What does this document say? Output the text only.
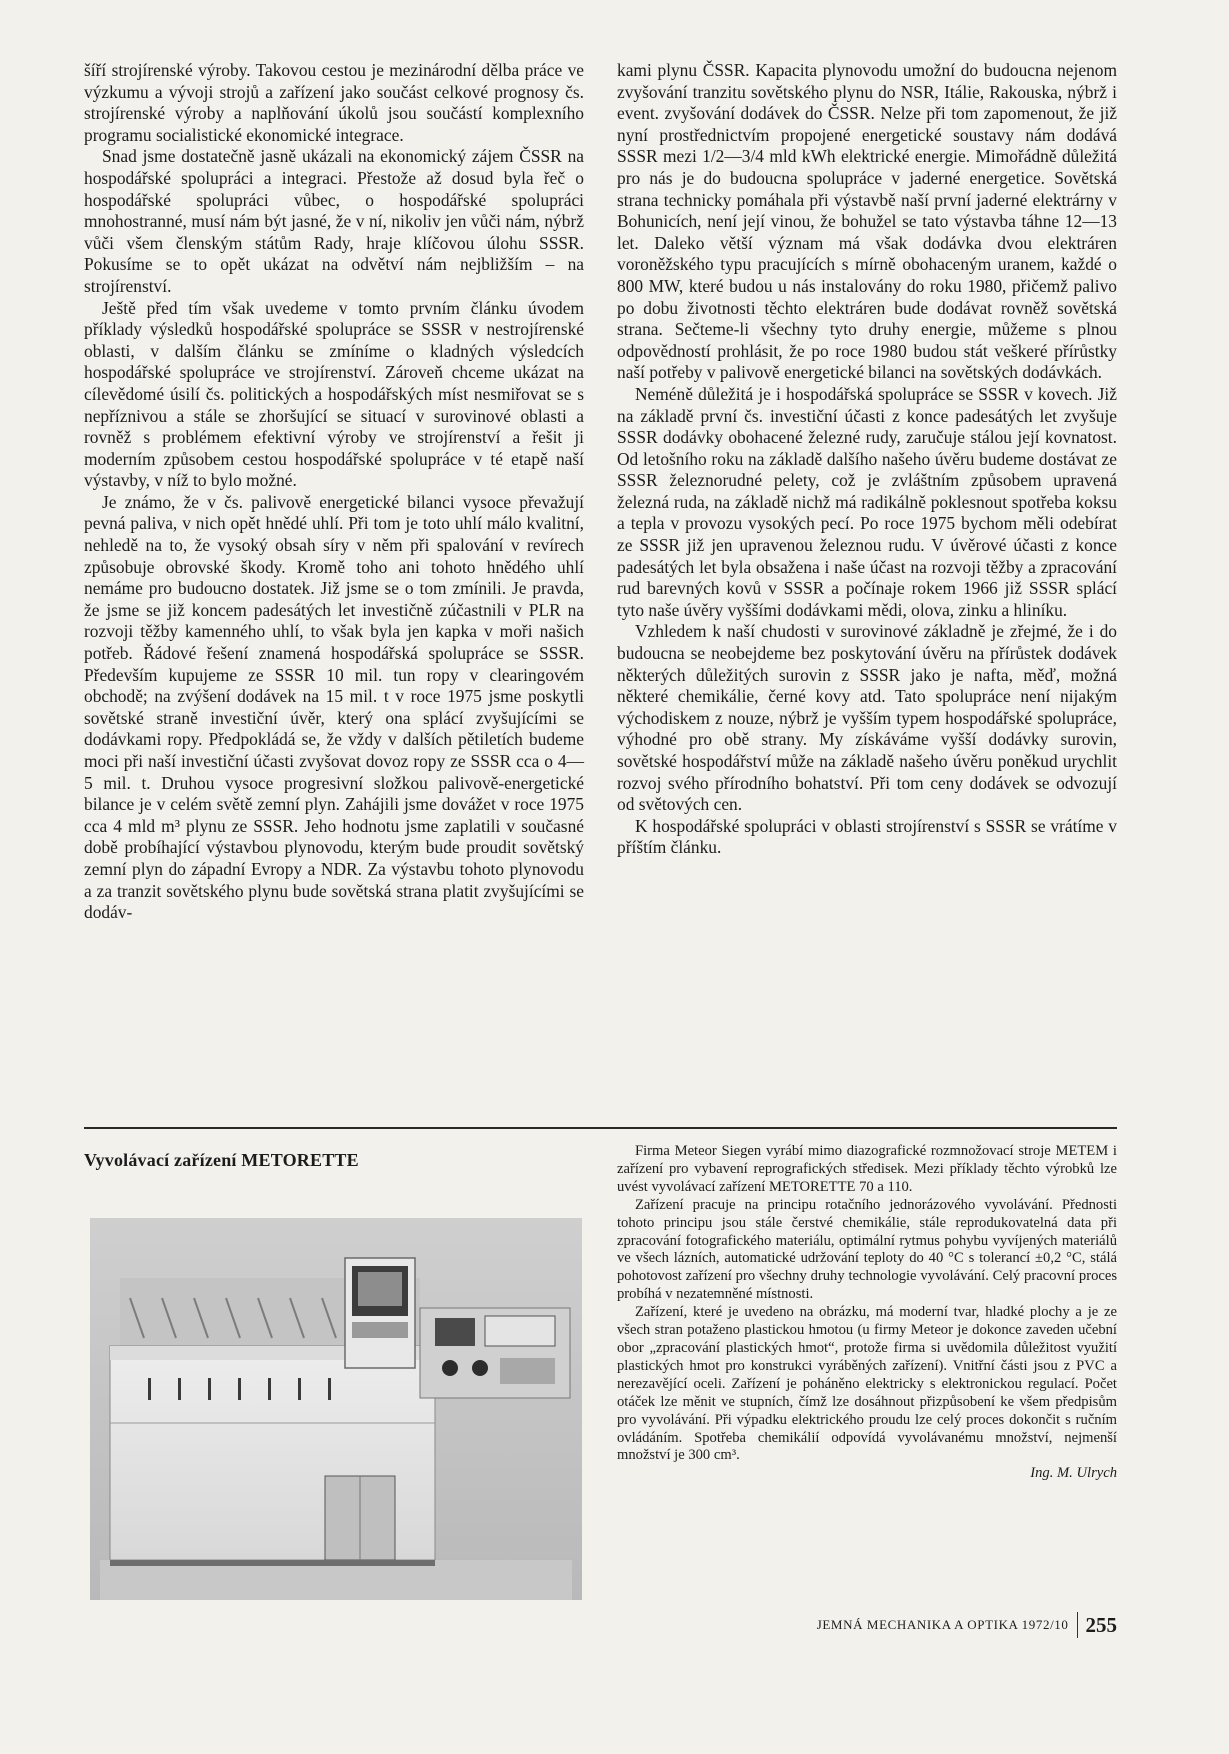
šíří strojírenské výroby. Takovou cestou je mezinárodní dělba práce ve výzkumu a vývoji strojů a zařízení jako součást celkové prognosy čs. strojírenské výroby a naplňování úkolů jsou součástí komplexního programu socialistické ekonomické integrace.

Snad jsme dostatečně jasně ukázali na ekonomický zájem ČSSR na hospodářské spolupráci a integraci. Přestože až dosud byla řeč o hospodářské spolupráci vůbec, o hospodářské spolupráci mnohostranné, musí nám být jasné, že v ní, nikoliv jen vůči nám, nýbrž vůči všem členským státům Rady, hraje klíčovou úlohu SSSR. Pokusíme se to opět ukázat na odvětví nám nejbližším – na strojírenství.

Ještě před tím však uvedeme v tomto prvním článku úvodem příklady výsledků hospodářské spolupráce se SSSR v nestrojírenské oblasti, v dalším článku se zmíníme o kladných výsledcích hospodářské spolupráce ve strojírenství. Zároveň chceme ukázat na cílevědomé úsilí čs. politických a hospodářských míst nesmiřovat se s nepříznivou a stále se zhoršující se situací v surovinové oblasti a rovněž s problémem efektivní výroby ve strojírenství a řešit ji moderním způsobem cestou hospodářské spolupráce v té etapě naší výstavby, v níž to bylo možné.

Je známo, že v čs. palivově energetické bilanci vysoce převažují pevná paliva, v nich opět hnědé uhlí. Při tom je toto uhlí málo kvalitní, nehledě na to, že vysoký obsah síry v něm při spalování v revírech způsobuje obrovské škody. Kromě toho ani tohoto hnědého uhlí nemáme pro budoucno dostatek. Již jsme se o tom zmínili. Je pravda, že jsme se již koncem padesátých let investičně zúčastnili v PLR na rozvoji těžby kamenného uhlí, to však byla jen kapka v moři našich potřeb. Řádové řešení znamená hospodářská spolupráce se SSSR. Především kupujeme ze SSSR 10 mil. tun ropy v clearingovém obchodě; na zvýšení dodávek na 15 mil. t v roce 1975 jsme poskytli sovětské straně investiční úvěr, který ona splácí zvyšujícími se dodávkami ropy. Předpokládá se, že vždy v dalších pětiletích budeme moci při naší investiční účasti zvyšovat dovoz ropy ze SSSR cca o 4—5 mil. t. Druhou vysoce progresivní složkou palivově-energetické bilance je v celém světě zemní plyn. Zahájili jsme dovážet v roce 1975 cca 4 mld m³ plynu ze SSSR. Jeho hodnotu jsme zaplatili v současné době probíhající výstavbou plynovodu, kterým bude proudit sovětský zemní plyn do západní Evropy a NDR. Za výstavbu tohoto plynovodu a za tranzit sovětského plynu bude sovětská strana platit zvyšujícími se dodáv-

kami plynu ČSSR. Kapacita plynovodu umožní do budoucna nejenom zvyšování tranzitu sovětského plynu do NSR, Itálie, Rakouska, nýbrž i event. zvyšování dodávek do ČSSR. Nelze při tom zapomenout, že již nyní prostřednictvím propojené energetické soustavy nám dodává SSSR mezi 1/2—3/4 mld kWh elektrické energie. Mimořádně důležitá pro nás je do budoucna spolupráce v jaderné energetice. Sovětská strana technicky pomáhala při výstavbě naší první jaderné elektrárny v Bohunicích, není její vinou, že bohužel se tato výstavba táhne 12—13 let. Daleko větší význam má však dodávka dvou elektráren voroněžského typu pracujících s mírně obohaceným uranem, každé o 800 MW, které budou u nás instalovány do roku 1980, přičemž palivo po dobu životnosti těchto elektráren bude dodávat rovněž sovětská strana. Sečteme-li všechny tyto druhy energie, můžeme s plnou odpovědností prohlásit, že po roce 1980 budou stát veškeré přírůstky naší potřeby v palivově energetické bilanci na sovětských dodávkách.

Neméně důležitá je i hospodářská spolupráce se SSSR v kovech. Již na základě první čs. investiční účasti z konce padesátých let zvyšuje SSSR dodávky obohacené železné rudy, zaručuje stálou její kovnatost. Od letošního roku na základě dalšího našeho úvěru budeme dostávat ze SSSR železnorudné pelety, což je zvláštním způsobem upravená železná ruda, na základě nichž má radikálně poklesnout spotřeba koksu a tepla v provozu vysokých pecí. Po roce 1975 bychom měli odebírat ze SSSR již jen upravenou železnou rudu. V úvěrové účasti z konce padesátých let byla obsažena i naše účast na rozvoji těžby a zpracování rud barevných kovů v SSSR a počínaje rokem 1966 již SSSR splácí tyto naše úvěry vyššími dodávkami mědi, olova, zinku a hliníku.

Vzhledem k naší chudosti v surovinové základně je zřejmé, že i do budoucna se neobejdeme bez poskytování úvěru na přírůstek dodávek některých důležitých surovin z SSSR jako je nafta, měď, možná některé chemikálie, černé kovy atd. Tato spolupráce není nijakým východiskem z nouze, nýbrž je vyšším typem hospodářské spolupráce, výhodné pro obě strany. My získáváme vyšší dodávky surovin, sovětské hospodářství může na základě našeho úvěru poněkud urychlit rozvoj svého přírodního bohatství. Při tom ceny dodávek se odvozují od světových cen.

K hospodářské spolupráci v oblasti strojírenství s SSSR se vrátíme v příštím článku.

Vyvolávací zařízení METORETTE	Firma Meteor Siegen vyrábí mimo diazografické rozmnožovací stroje METEM i zařízení pro vybavení reprografických středisek. Mezi příklady těchto výrobků lze uvést vyvolávací zařízení METORETTE 70 a 110.

Zařízení pracuje na principu rotačního jednorázového vyvolávání. Přednosti tohoto principu jsou stále čerstvé chemikálie, stále reprodukovatelná data při zpracování fotografického materiálu, optimální rytmus pohybu vyvíjených materiálů ve všech lázních, automatické udržování teploty do 40 °C s tolerancí ±0,2 °C, stálá pohotovost zařízení pro všechny druhy technologie vyvolávání. Celý pracovní proces probíhá v nezatemněné místnosti.

Zařízení, které je uvedeno na obrázku, má moderní tvar, hladké plochy a je ze všech stran potaženo plastickou hmotou (u firmy Meteor je dokonce zaveden učební obor „zpracování plastických hmot“, protože firma si uvědomila důležitost využití plastických hmot pro konstrukci vyráběných zařízení). Vnitřní části jsou z PVC a nerezavějící oceli. Zařízení je poháněno elektricky s elektronickou regulací. Počet otáček lze měnit ve stupních, čímž lze dosáhnout přizpůsobení ke všem předpisům pro vyvolávání. Při výpadku elektrického proudu lze celý proces dokončit s ručním ovládáním. Spotřeba chemikálií odpovídá vyvolávanému množství, nejmenší množství je 300 cm³.

Ing. M. Ulrych

JEMNÁ MECHANIKA A OPTIKA 1972/10 255
